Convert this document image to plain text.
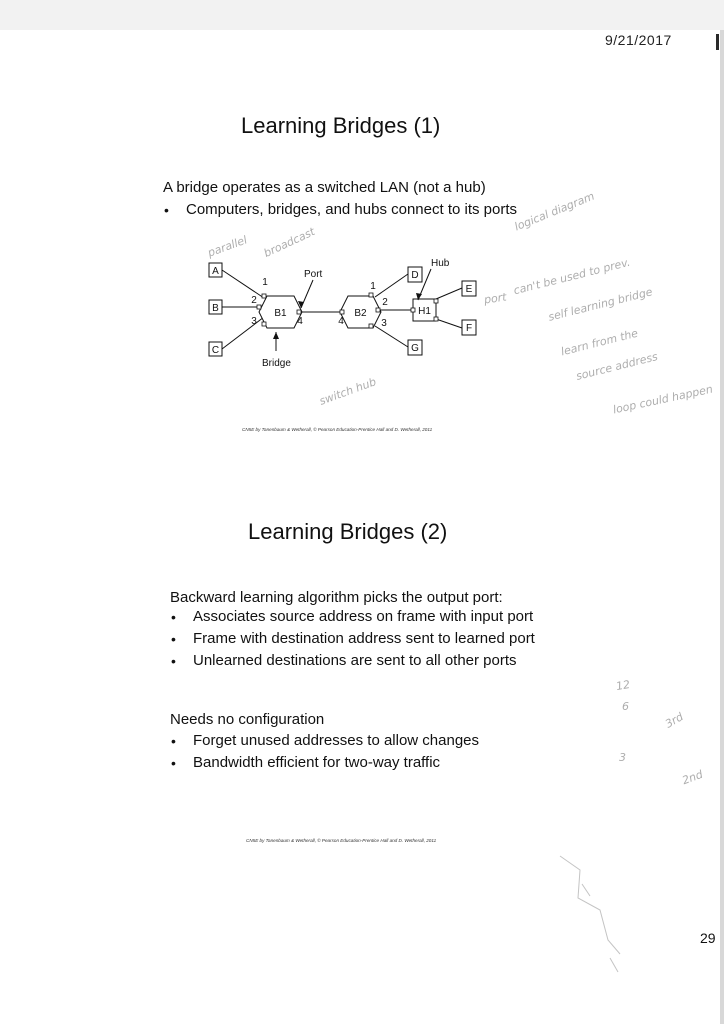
9/21/2017
Learning Bridges (1)
A bridge operates as a switched LAN (not a hub)
• Computers, bridges, and hubs connect to its ports
A
B
C
D
E
F
G
B1	B2	H1
1
2
3	4
1
2
3
4
Port
Hub
Bridge
CN5E by Tanenbaum & Wetherall, © Pearson Education-Prentice Hall and D. Wetherall, 2011
Learning Bridges (2)
Backward learning algorithm picks the output port:
• Associates source address on frame with input port
• Frame with destination address sent to learned port
• Unlearned destinations are sent to all other ports
Needs no configuration
• Forget unused addresses to allow changes
• Bandwidth efficient for two-way traffic
CN5E by Tanenbaum & Wetherall, © Pearson Education-Prentice Hall and D. Wetherall, 2011
29
logical diagram
parallel broadcast
port
can't be used to prev.
self learning bridge
learn from the
source address
loop could happen
switch hub
12
6
3
3rd
2nd
